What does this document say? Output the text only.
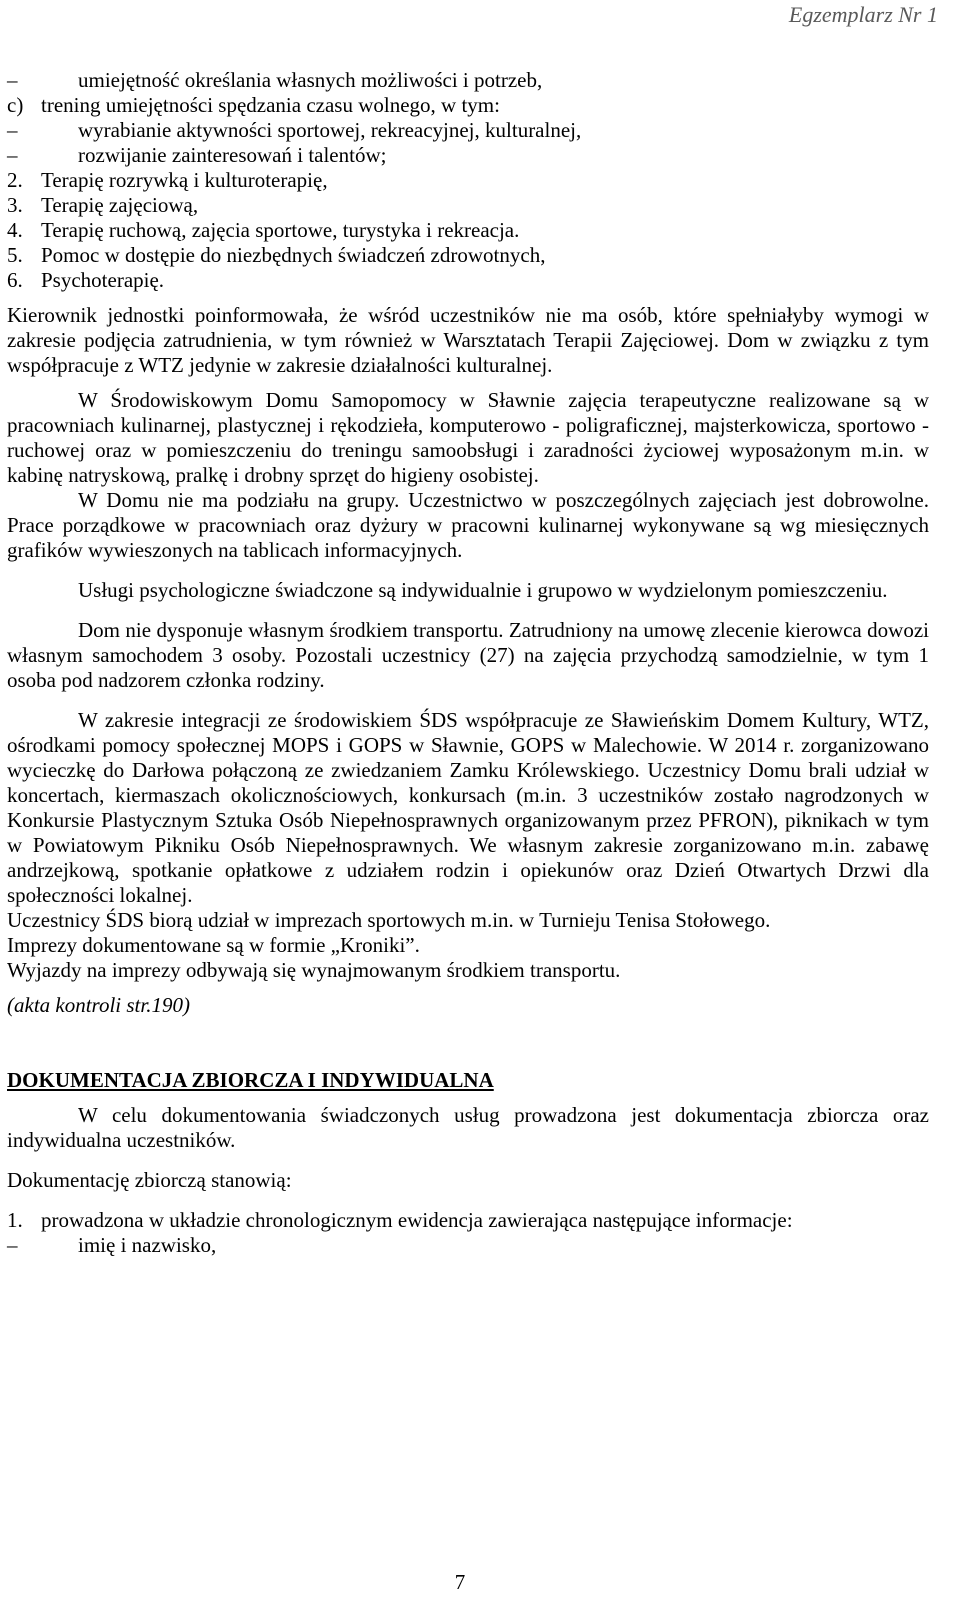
Egzemplarz Nr 1
–	umiejętność określania własnych możliwości i potrzeb,
c) trening umiejętności spędzania czasu wolnego, w tym:
–	wyrabianie aktywności sportowej, rekreacyjnej, kulturalnej,
–	rozwijanie zainteresowań i talentów;
2. Terapię rozrywką i kulturoterapię,
3. Terapię zajęciową,
4. Terapię ruchową, zajęcia sportowe, turystyka i rekreacja.
5. Pomoc w dostępie do niezbędnych świadczeń zdrowotnych,
6. Psychoterapię.

Kierownik jednostki poinformowała, że wśród uczestników nie ma osób, które spełniałyby wymogi w zakresie podjęcia zatrudnienia, w tym również w Warsztatach Terapii Zajęciowej. Dom w związku z tym współpracuje z WTZ jedynie w zakresie działalności kulturalnej.

W Środowiskowym Domu Samopomocy w Sławnie zajęcia terapeutyczne realizowane są w pracowniach kulinarnej, plastycznej i rękodzieła, komputerowo - poligraficznej, majsterkowicza, sportowo - ruchowej oraz w pomieszczeniu do treningu samoobsługi i zaradności życiowej wyposażonym m.in. w kabinę natryskową, pralkę i drobny sprzęt do higieny osobistej.

W Domu nie ma podziału na grupy. Uczestnictwo w poszczególnych zajęciach jest dobrowolne. Prace porządkowe w pracowniach oraz dyżury w pracowni kulinarnej wykonywane są wg miesięcznych grafików wywieszonych na tablicach informacyjnych.

Usługi psychologiczne świadczone są indywidualnie i grupowo w wydzielonym pomieszczeniu.

Dom nie dysponuje własnym środkiem transportu. Zatrudniony na umowę zlecenie kierowca dowozi własnym samochodem 3 osoby. Pozostali uczestnicy (27) na zajęcia przychodzą samodzielnie, w tym 1 osoba pod nadzorem członka rodziny.

W zakresie integracji ze środowiskiem ŚDS współpracuje ze Sławieńskim Domem Kultury, WTZ, ośrodkami pomocy społecznej MOPS i GOPS w Sławnie, GOPS w Malechowie. W 2014 r. zorganizowano wycieczkę do Darłowa połączoną ze zwiedzaniem Zamku Królewskiego. Uczestnicy Domu brali udział w koncertach, kiermaszach okolicznościowych, konkursach (m.in. 3 uczestników zostało nagrodzonych w Konkursie Plastycznym Sztuka Osób Niepełnosprawnych organizowanym przez PFRON), piknikach w tym w Powiatowym Pikniku Osób Niepełnosprawnych. We własnym zakresie zorganizowano m.in. zabawę andrzejkową, spotkanie opłatkowe z udziałem rodzin i opiekunów oraz Dzień Otwartych Drzwi dla społeczności lokalnej.

Uczestnicy ŚDS biorą udział w imprezach sportowych m.in. w Turnieju Tenisa Stołowego.

Imprezy dokumentowane są w formie „Kroniki”.

Wyjazdy na imprezy odbywają się wynajmowanym środkiem transportu.

(akta kontroli str.190)

DOKUMENTACJA ZBIORCZA I INDYWIDUALNA

W celu dokumentowania świadczonych usług prowadzona jest dokumentacja zbiorcza oraz indywidualna uczestników.

Dokumentację zbiorczą stanowią:

1. prowadzona w układzie chronologicznym ewidencja zawierająca następujące informacje:
–	imię i nazwisko,
7
